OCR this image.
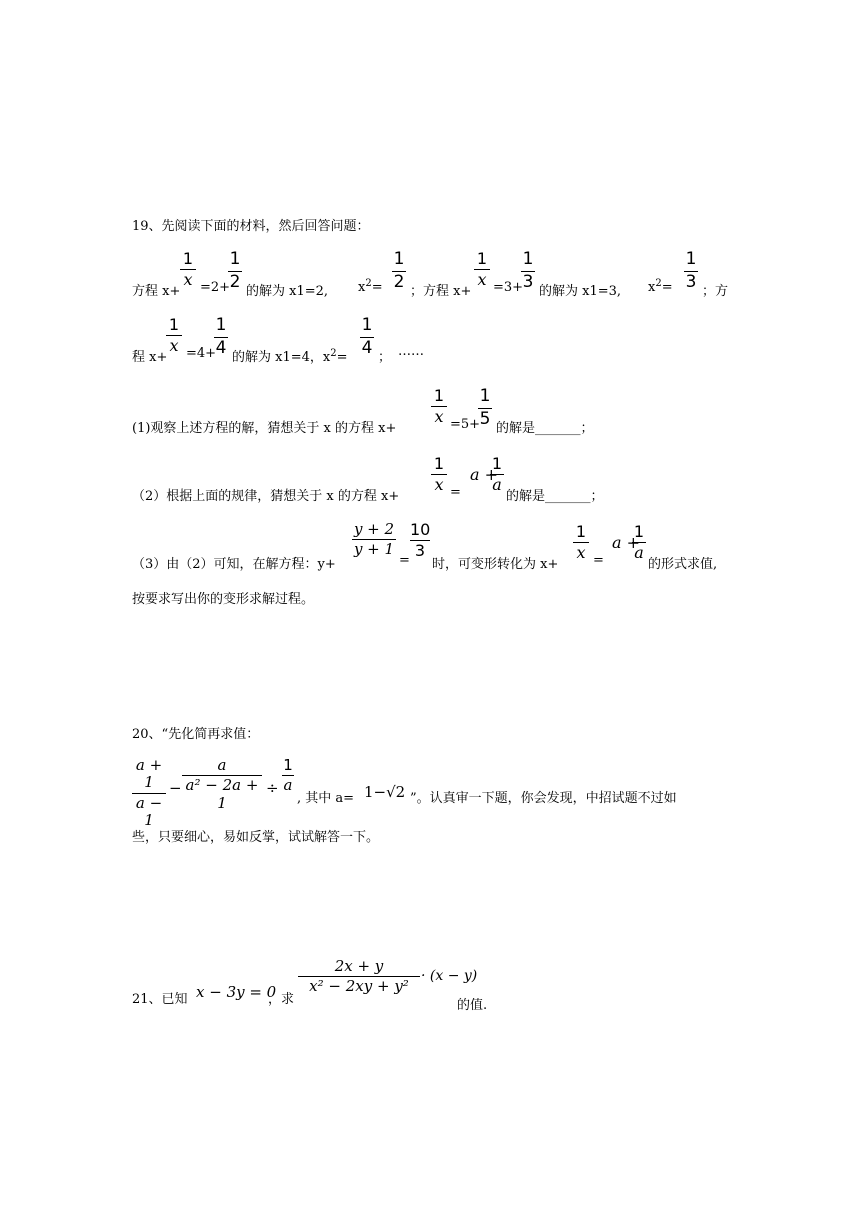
19、先阅读下面的材料，然后回答问题：
方程 x+
1
x =2+
1
2 的解为 x1=2, $x^2=$
1
2 ；方程 x+
1
x =3+
1
3 的解为 x1=3, $x^2=$
1
3 ；方
程 x+
1
x =4+
1
4 的解为 x1=4，$x^2=$
1
4 ； ……
(1)观察上述方程的解，猜想关于 x 的方程 x+
1
x =5+
1
5 的解是_______；
（2）根据上面的规律，猜想关于 x 的方程 x+
1
x =
a +
1
a
的解是_______；
（3）由（2）可知，在解方程：y+
y + 2
y + 1
=
10
3
时，可变形转化为 x+
1
x =
a +
1
a
的形式求值,
按要求写出你的变形求解过程。
20、“先化简再求值：
a + 1
a − 1
−
a
a² − 2a + 1
÷
1
a
, 其中 a= 1−√2 ”。认真审一下题，你会发现，中招试题不过如
些，只要细心，易如反掌，试试解答一下。
21、已知 x − 3y = 0
，求
2x + y
x² − 2xy + y²
· (x − y)
的值.
